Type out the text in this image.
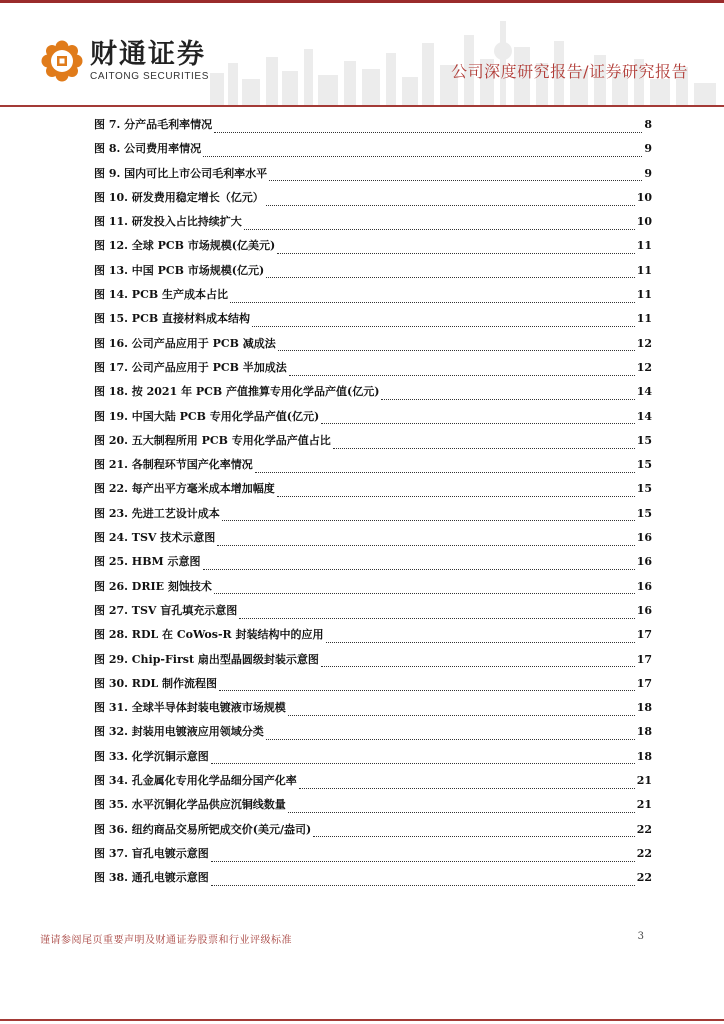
财通证券
CAITONG SECURITIES	公司深度研究报告/证券研究报告
图 7. 分产品毛利率情况	8
图 8. 公司费用率情况	9
图 9. 国内可比上市公司毛利率水平	9
图 10. 研发费用稳定增长（亿元）	10
图 11. 研发投入占比持续扩大	10
图 12. 全球 PCB 市场规模(亿美元)	11
图 13. 中国 PCB 市场规模(亿元)	11
图 14. PCB 生产成本占比	11
图 15. PCB 直接材料成本结构	11
图 16. 公司产品应用于 PCB 减成法	12
图 17. 公司产品应用于 PCB 半加成法	12
图 18. 按 2021 年 PCB 产值推算专用化学品产值(亿元)	14
图 19. 中国大陆 PCB 专用化学品产值(亿元)	14
图 20. 五大制程所用 PCB 专用化学品产值占比	15
图 21. 各制程环节国产化率情况	15
图 22. 每产出平方毫米成本增加幅度	15
图 23. 先进工艺设计成本	15
图 24. TSV 技术示意图	16
图 25. HBM 示意图	16
图 26. DRIE 刻蚀技术	16
图 27. TSV 盲孔填充示意图	16
图 28. RDL 在 CoWos-R 封装结构中的应用	17
图 29. Chip-First 扇出型晶圆级封装示意图	17
图 30. RDL 制作流程图	17
图 31. 全球半导体封装电镀液市场规模	18
图 32. 封装用电镀液应用领域分类	18
图 33. 化学沉铜示意图	18
图 34. 孔金属化专用化学品细分国产化率	21
图 35. 水平沉铜化学品供应沉铜线数量	21
图 36. 纽约商品交易所钯成交价(美元/盎司)	22
图 37. 盲孔电镀示意图	22
图 38. 通孔电镀示意图	22
谨请参阅尾页重要声明及财通证券股票和行业评级标准	3
